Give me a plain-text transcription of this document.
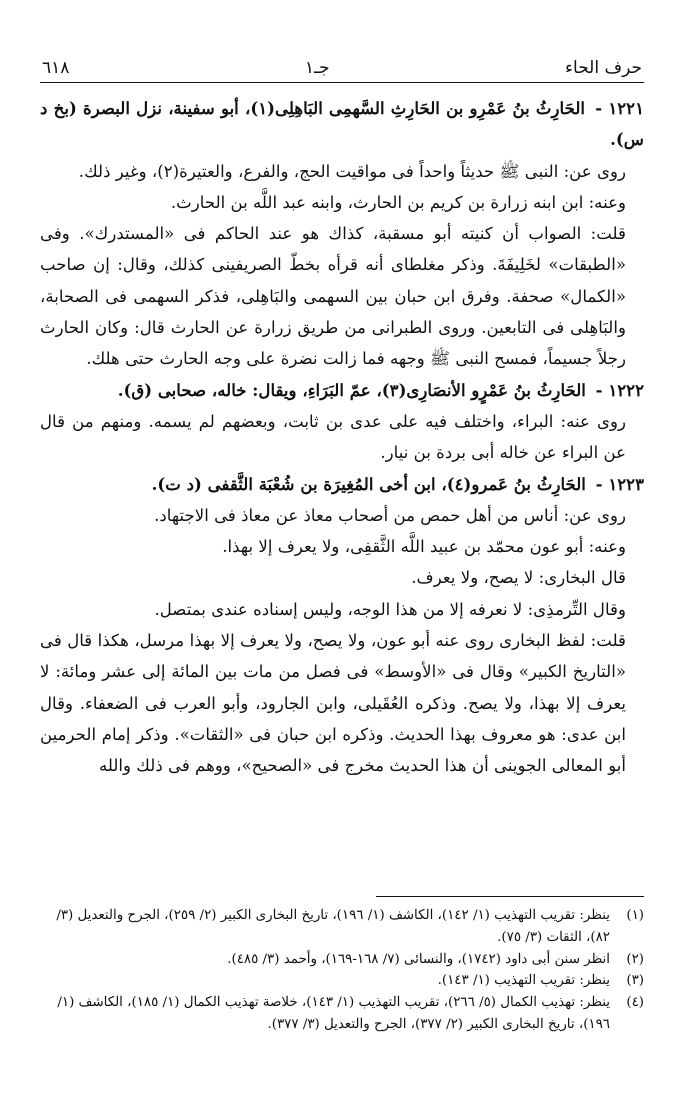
حرف الحاء
جـ١
٦١٨

١٢٢١ - الحَارِثُ بنُ عَمْرِو بن الحَارِثِ السَّهمِى البَاهِلِى(١)، أبو سفينة، نزل البصرة (بخ د س).

روى عن: النبى ﷺ حديثاً واحداً فى مواقيت الحج، والفرع، والعتيرة(٢)، وغير ذلك.

وعنه: ابن ابنه زرارة بن كريم بن الحارث، وابنه عبد اللَّه بن الحارث.

قلت: الصواب أن كنيته أبو مسقبة، كذاك هو عند الحاكم فى «المستدرك». وفى «الطبقات» لخَلِيفَةَ. وذكر مغلطاى أنه قرأه بخطّ الصريفينى كذلك، وقال: إن صاحب «الكمال» صحفة. وفرق ابن حبان بين السهمى والبَاهِلى، فذكر السهمى فى الصحابة، والبَاهِلى فى التابعين. وروى الطبرانى من طريق زرارة عن الحارث قال: وكان الحارث رجلاً جسيماً، فمسح النبى ﷺ وجهه فما زالت نضرة على وجه الحارث حتى هلك.

١٢٢٢ - الحَارِثُ بنُ عَمْرٍو الأنصَارِى(٣)، عمّ البَرَاءِ، ويقال: خاله، صحابى (ق).

روى عنه: البراء، واختلف فيه على عدى بن ثابت، وبعضهم لم يسمه. ومنهم من قال عن البراء عن خاله أبى بردة بن نيار.

١٢٢٣ - الحَارِثُ بنُ عَمرو(٤)، ابن أخى المُغِيرَة بن شُعْبَة الثَّقفى (د ت).

روى عن: أناس من أهل حمص من أصحاب معاذ عن معاذ فى الاجتهاد.

وعنه: أبو عون محمّد بن عبيد اللَّه الثَّقفِى، ولا يعرف إلا بهذا.

قال البخارى: لا يصح، ولا يعرف.

وقال التِّرمذِى: لا نعرفه إلا من هذا الوجه، وليس إسناده عندى بمتصل.

قلت: لفظ البخارى روى عنه أبو عون، ولا يصح، ولا يعرف إلا بهذا مرسل، هكذا قال فى «التاريخ الكبير» وقال فى «الأوسط» فى فصل من مات بين المائة إلى عشر ومائة: لا يعرف إلا بهذا، ولا يصح. وذكره العُقَيلى، وابن الجارود، وأبو العرب فى الضعفاء. وقال ابن عدى: هو معروف بهذا الحديث. وذكره ابن حبان فى «الثقات». وذكر إمام الحرمين أبو المعالى الجوينى أن هذا الحديث مخرج فى «الصحيح»، ووهم فى ذلك والله

(١)
ينظر: تقريب التهذيب (١/ ١٤٢)، الكاشف (١/ ١٩٦)، تاريخ البخارى الكبير (٢/ ٢٥٩)، الجرح والتعديل (٣/ ٨٢)، الثقات (٣/ ٧٥).
(٢)
انظر سنن أبى داود (١٧٤٢)، والنسائى (٧/ ١٦٨-١٦٩)، وأحمد (٣/ ٤٨٥).
(٣)
ينظر: تقريب التهذيب (١/ ١٤٣).
(٤)
ينظر: تهذيب الكمال (٥/ ٢٦٦)، تقريب التهذيب (١/ ١٤٣)، خلاصة تهذيب الكمال (١/ ١٨٥)، الكاشف (١/ ١٩٦)، تاريخ البخارى الكبير (٢/ ٣٧٧)، الجرح والتعديل (٣/ ٣٧٧).
